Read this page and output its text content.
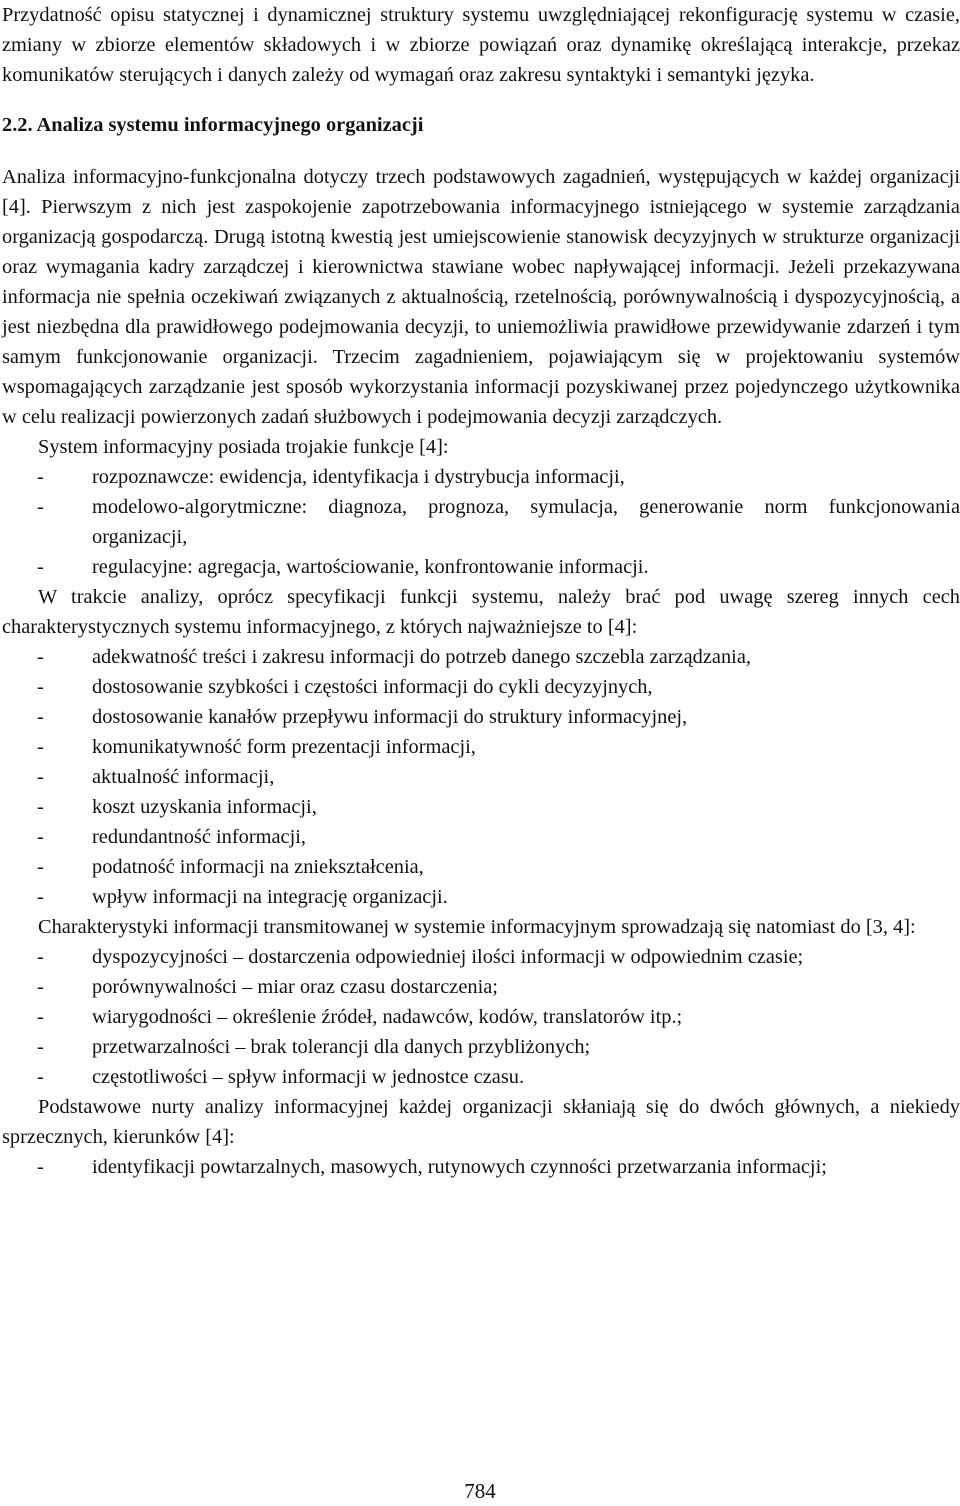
Przydatność opisu statycznej i dynamicznej struktury systemu uwzględniającej rekonfigurację systemu w czasie, zmiany w zbiorze elementów składowych i w zbiorze powiązań oraz dynamikę określającą interakcje, przekaz komunikatów sterujących i danych zależy od wymagań oraz zakresu syntaktyki i semantyki języka.

2.2. Analiza systemu informacyjnego organizacji

Analiza informacyjno-funkcjonalna dotyczy trzech podstawowych zagadnień, występujących w każdej organizacji [4]. Pierwszym z nich jest zaspokojenie zapotrzebowania informacyjnego istniejącego w systemie zarządzania organizacją gospodarczą. Drugą istotną kwestią jest umiejscowienie stanowisk decyzyjnych w strukturze organizacji oraz wymagania kadry zarządczej i kierownictwa stawiane wobec napływającej informacji. Jeżeli przekazywana informacja nie spełnia oczekiwań związanych z aktualnością, rzetelnością, porównywalnością i dyspozycyjnością, a jest niezbędna dla prawidłowego podejmowania decyzji, to uniemożliwia prawidłowe przewidywanie zdarzeń i tym samym funkcjonowanie organizacji. Trzecim zagadnieniem, pojawiającym się w projektowaniu systemów wspomagających zarządzanie jest sposób wykorzystania informacji pozyskiwanej przez pojedynczego użytkownika w celu realizacji powierzonych zadań służbowych i podejmowania decyzji zarządczych.

System informacyjny posiada trojakie funkcje [4]:

- rozpoznawcze: ewidencja, identyfikacja i dystrybucja informacji,
- modelowo-algorytmiczne: diagnoza, prognoza, symulacja, generowanie norm funkcjonowania organizacji,
- regulacyjne: agregacja, wartościowanie, konfrontowanie informacji.

W trakcie analizy, oprócz specyfikacji funkcji systemu, należy brać pod uwagę szereg innych cech charakterystycznych systemu informacyjnego, z których najważniejsze to [4]:

- adekwatność treści i zakresu informacji do potrzeb danego szczebla zarządzania,
- dostosowanie szybkości i częstości informacji do cykli decyzyjnych,
- dostosowanie kanałów przepływu informacji do struktury informacyjnej,
- komunikatywność form prezentacji informacji,
- aktualność informacji,
- koszt uzyskania informacji,
- redundantność informacji,
- podatność informacji na zniekształcenia,
- wpływ informacji na integrację organizacji.

Charakterystyki informacji transmitowanej w systemie informacyjnym sprowadzają się natomiast do [3, 4]:

- dyspozycyjności – dostarczenia odpowiedniej ilości informacji w odpowiednim czasie;
- porównywalności – miar oraz czasu dostarczenia;
- wiarygodności – określenie źródeł, nadawców, kodów, translatorów itp.;
- przetwarzalności – brak tolerancji dla danych przybliżonych;
- częstotliwości – spływ informacji w jednostce czasu.

Podstawowe nurty analizy informacyjnej każdej organizacji skłaniają się do dwóch głównych, a niekiedy sprzecznych, kierunków [4]:

- identyfikacji powtarzalnych, masowych, rutynowych czynności przetwarzania informacji;
784
